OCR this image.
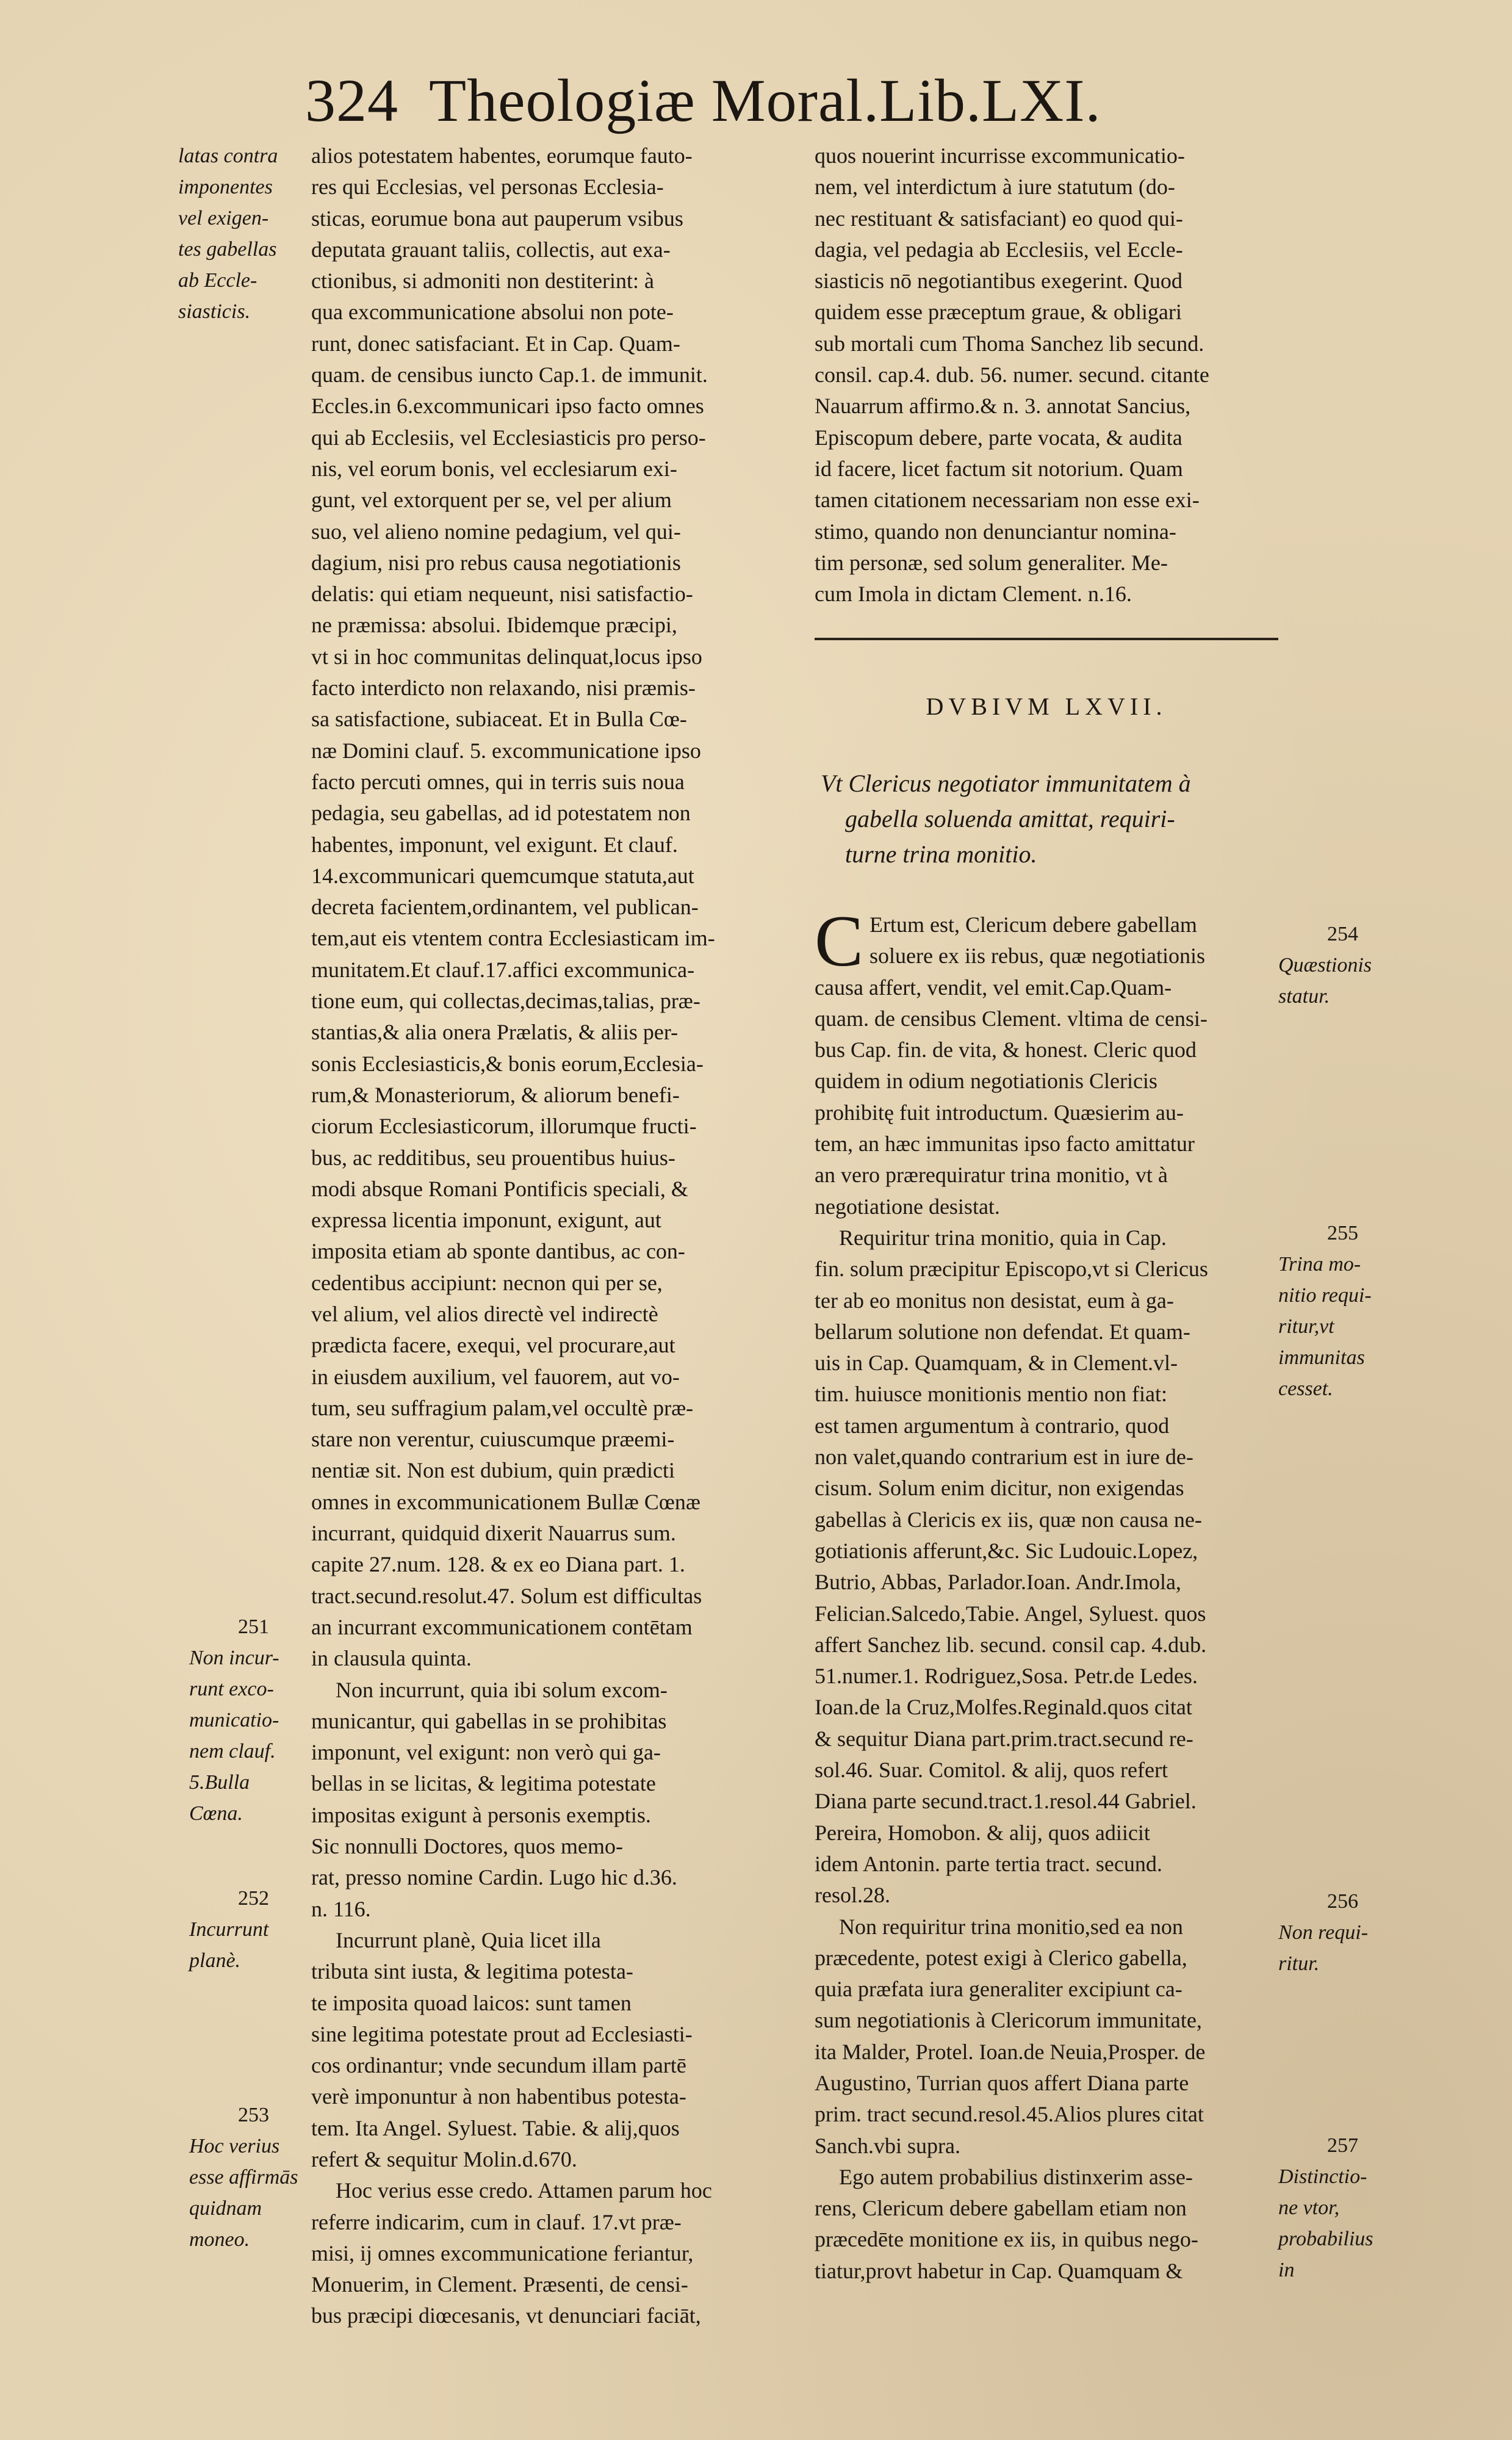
324 Theologiæ Moral.Lib.LXI.
latas contra
imponentes
vel exigen-
tes gabellas
ab Eccle-
siasticis.
251
Non incur-
runt exco-
municatio-
nem clauf.
5.Bulla
Cœna.
252
Incurrunt
planè.
253
Hoc verius
esse affirmās
quidnam
moneo.
254
Quæstionis
statur.
255
Trina mo-
nitio requi-
ritur,vt
immunitas
cesset.
256
Non requi-
ritur.
257
Distinctio-
ne vtor,
probabilius
in
alios potestatem habentes, eorumque fauto-
res qui Ecclesias, vel personas Ecclesia-
sticas, eorumue bona aut pauperum vsibus
deputata grauant taliis, collectis, aut exa-
ctionibus, si admoniti non destiterint: à
qua excommunicatione absolui non pote-
runt, donec satisfaciant. Et in Cap. Quam-
quam. de censibus iuncto Cap.1. de immunit.
Eccles.in 6.excommunicari ipso facto omnes
qui ab Ecclesiis, vel Ecclesiasticis pro perso-
nis, vel eorum bonis, vel ecclesiarum exi-
gunt, vel extorquent per se, vel per alium
suo, vel alieno nomine pedagium, vel qui-
dagium, nisi pro rebus causa negotiationis
delatis: qui etiam nequeunt, nisi satisfactio-
ne præmissa: absolui. Ibidemque præcipi,
vt si in hoc communitas delinquat,locus ipso
facto interdicto non relaxando, nisi præmis-
sa satisfactione, subiaceat. Et in Bulla Cœ-
næ Domini clauf. 5. excommunicatione ipso
facto percuti omnes, qui in terris suis noua
pedagia, seu gabellas, ad id potestatem non
habentes, imponunt, vel exigunt. Et clauf.
14.excommunicari quemcumque statuta,aut
decreta facientem,ordinantem, vel publican-
tem,aut eis vtentem contra Ecclesiasticam im-
munitatem.Et clauf.17.affici excommunica-
tione eum, qui collectas,decimas,talias, præ-
stantias,& alia onera Prælatis, & aliis per-
sonis Ecclesiasticis,& bonis eorum,Ecclesia-
rum,& Monasteriorum, & aliorum benefi-
ciorum Ecclesiasticorum, illorumque fructi-
bus, ac redditibus, seu prouentibus huius-
modi absque Romani Pontificis speciali, &
expressa licentia imponunt, exigunt, aut
imposita etiam ab sponte dantibus, ac con-
cedentibus accipiunt: necnon qui per se,
vel alium, vel alios directè vel indirectè
prædicta facere, exequi, vel procurare,aut
in eiusdem auxilium, vel fauorem, aut vo-
tum, seu suffragium palam,vel occultè præ-
stare non verentur, cuiuscumque præemi-
nentiæ sit. Non est dubium, quin prædicti
omnes in excommunicationem Bullæ Cœnæ
incurrant, quidquid dixerit Nauarrus sum.
capite 27.num. 128. & ex eo Diana part. 1.
tract.secund.resolut.47. Solum est difficultas
an incurrant excommunicationem contētam
in clausula quinta.
Non incurrunt, quia ibi solum excom-
municantur, qui gabellas in se prohibitas
imponunt, vel exigunt: non verò qui ga-
bellas in se licitas, & legitima potestate
impositas exigunt à personis exemptis.
Sic nonnulli Doctores, quos memo-
rat, presso nomine Cardin. Lugo hic d.36.
n. 116.
Incurrunt planè, Quia licet illa
tributa sint iusta, & legitima potesta-
te imposita quoad laicos: sunt tamen
sine legitima potestate prout ad Ecclesiasti-
cos ordinantur; vnde secundum illam partē
verè imponuntur à non habentibus potesta-
tem. Ita Angel. Syluest. Tabie. & alij,quos
refert & sequitur Molin.d.670.
Hoc verius esse credo. Attamen parum hoc
referre indicarim, cum in clauf. 17.vt præ-
misi, ij omnes excommunicatione feriantur,
Monuerim, in Clement. Præsenti, de censi-
bus præcipi diœcesanis, vt denunciari faciāt,
quos nouerint incurrisse excommunicatio-
nem, vel interdictum à iure statutum (do-
nec restituant & satisfaciant) eo quod qui-
dagia, vel pedagia ab Ecclesiis, vel Eccle-
siasticis nō negotiantibus exegerint. Quod
quidem esse præceptum graue, & obligari
sub mortali cum Thoma Sanchez lib secund.
consil. cap.4. dub. 56. numer. secund. citante
Nauarrum affirmo.& n. 3. annotat Sancius,
Episcopum debere, parte vocata, & audita
id facere, licet factum sit notorium. Quam
tamen citationem necessariam non esse exi-
stimo, quando non denunciantur nomina-
tim personæ, sed solum generaliter. Me-
cum Imola in dictam Clement. n.16.
DVBIVM LXVII.
Vt Clericus negotiator immunitatem à
gabella soluenda amittat, requiri-
turne trina monitio.
C Ertum est, Clericum debere gabellam
soluere ex iis rebus, quæ negotiationis
causa affert, vendit, vel emit.Cap.Quam-
quam. de censibus Clement. vltima de censi-
bus Cap. fin. de vita, & honest. Cleric quod
quidem in odium negotiationis Clericis
prohibitę fuit introductum. Quæsierim au-
tem, an hæc immunitas ipso facto amittatur
an vero prærequiratur trina monitio, vt à
negotiatione desistat.
Requiritur trina monitio, quia in Cap.
fin. solum præcipitur Episcopo,vt si Clericus
ter ab eo monitus non desistat, eum à ga-
bellarum solutione non defendat. Et quam-
uis in Cap. Quamquam, & in Clement.vl-
tim. huiusce monitionis mentio non fiat:
est tamen argumentum à contrario, quod
non valet,quando contrarium est in iure de-
cisum. Solum enim dicitur, non exigendas
gabellas à Clericis ex iis, quæ non causa ne-
gotiationis afferunt,&c. Sic Ludouic.Lopez,
Butrio, Abbas, Parlador.Ioan. Andr.Imola,
Felician.Salcedo,Tabie. Angel, Syluest. quos
affert Sanchez lib. secund. consil cap. 4.dub.
51.numer.1. Rodriguez,Sosa. Petr.de Ledes.
Ioan.de la Cruz,Molfes.Reginald.quos citat
& sequitur Diana part.prim.tract.secund re-
sol.46. Suar. Comitol. & alij, quos refert
Diana parte secund.tract.1.resol.44 Gabriel.
Pereira, Homobon. & alij, quos adiicit
idem Antonin. parte tertia tract. secund.
resol.28.
Non requiritur trina monitio,sed ea non
præcedente, potest exigi à Clerico gabella,
quia præfata iura generaliter excipiunt ca-
sum negotiationis à Clericorum immunitate,
ita Malder, Protel. Ioan.de Neuia,Prosper. de
Augustino, Turrian quos affert Diana parte
prim. tract secund.resol.45.Alios plures citat
Sanch.vbi supra.
Ego autem probabilius distinxerim asse-
rens, Clericum debere gabellam etiam non
præcedēte monitione ex iis, in quibus nego-
tiatur,provt habetur in Cap. Quamquam &
